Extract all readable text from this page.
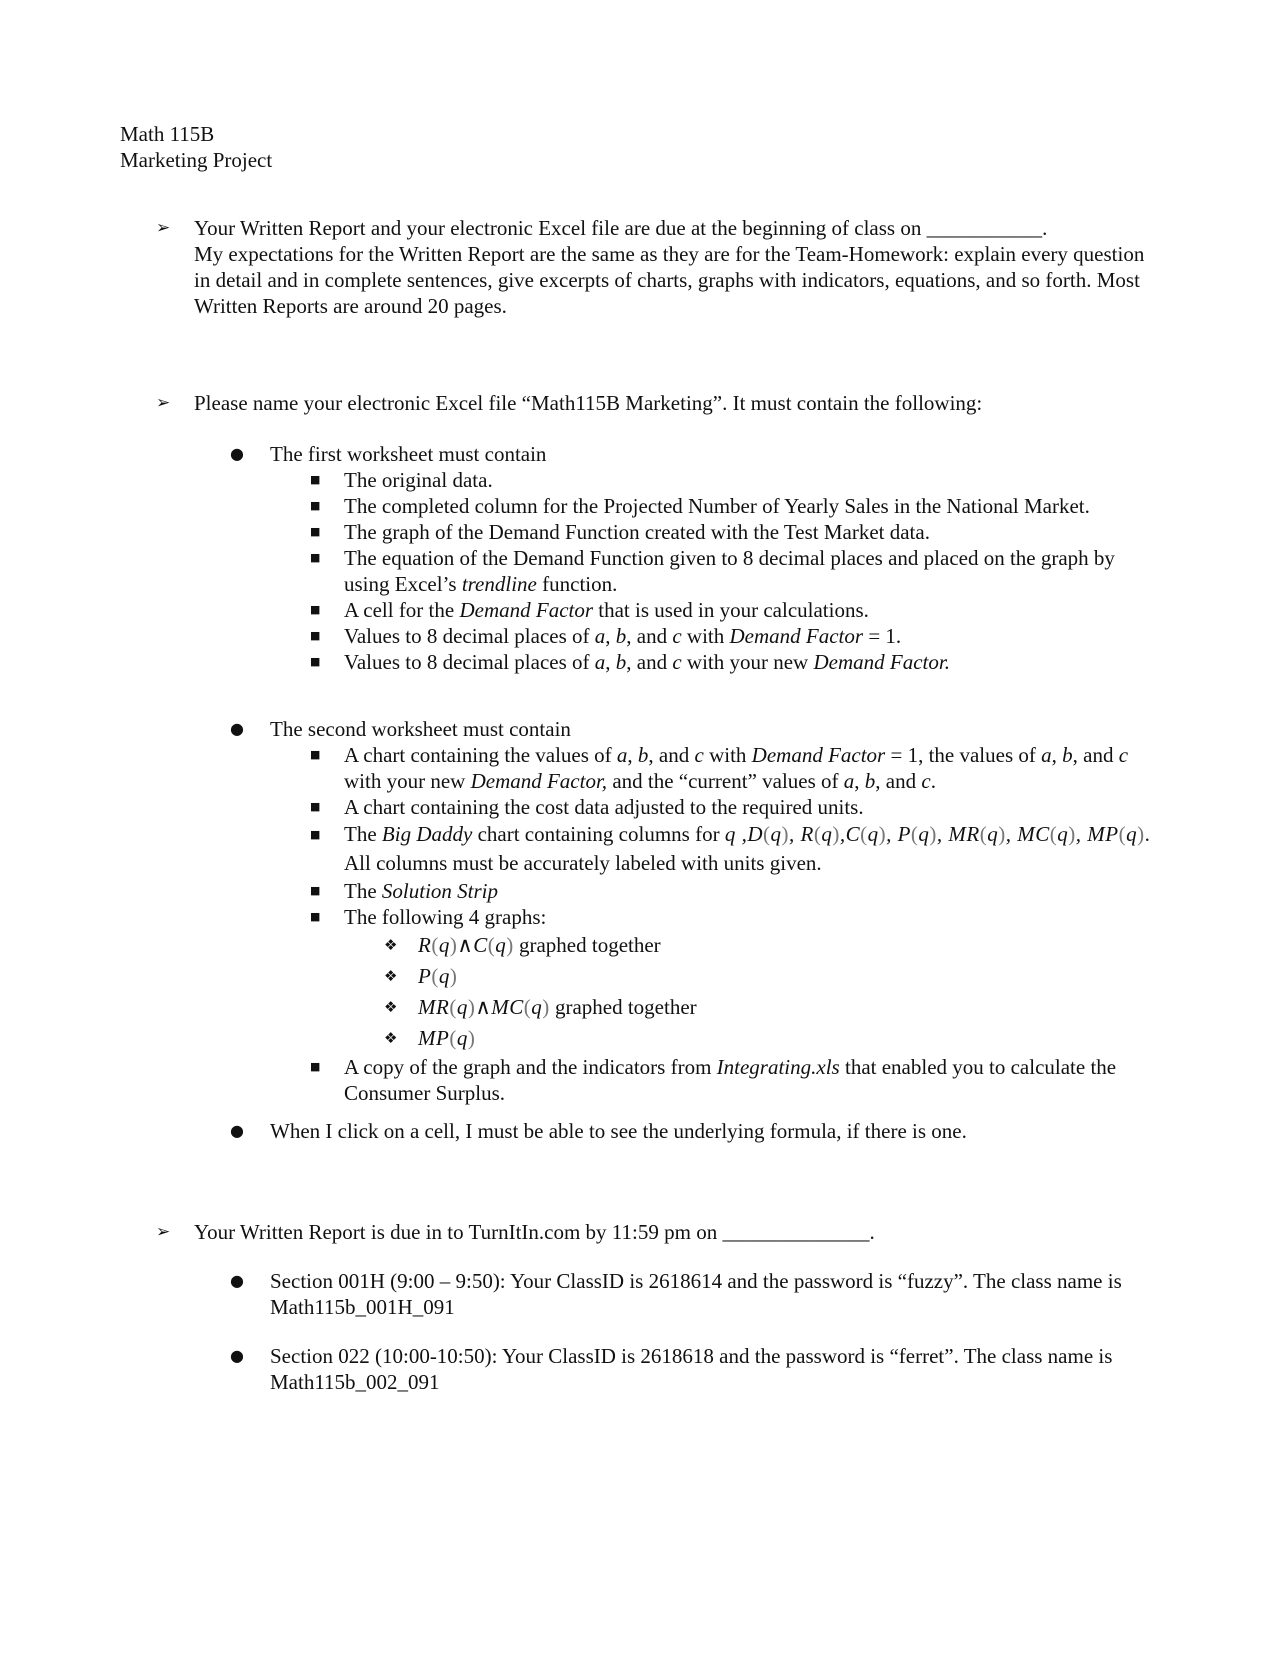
Math 115B
Marketing Project
➢	Your Written Report and your electronic Excel file are due at the beginning of class on ___________.
My expectations for the Written Report are the same as they are for the Team-Homework: explain every question in detail and in complete sentences, give excerpts of charts, graphs with indicators, equations, and so forth. Most Written Reports are around 20 pages.
➢	Please name your electronic Excel file “Math115B Marketing”. It must contain the following:
● The first worksheet must contain
■ The original data.
■ The completed column for the Projected Number of Yearly Sales in the National Market.
■ The graph of the Demand Function created with the Test Market data.
■ The equation of the Demand Function given to 8 decimal places and placed on the graph by using Excel’s trendline function.
■ A cell for the Demand Factor that is used in your calculations.
■ Values to 8 decimal places of a, b, and c with Demand Factor = 1.
■ Values to 8 decimal places of a, b, and c with your new Demand Factor.
● The second worksheet must contain
■ A chart containing the values of a, b, and c with Demand Factor = 1, the values of a, b, and c with your new Demand Factor, and the “current” values of a, b, and c.
■ A chart containing the cost data adjusted to the required units.
■ The Big Daddy chart containing columns for q ,D(q), R(q),C(q), P(q), MR(q), MC(q), MP(q). All columns must be accurately labeled with units given.
■ The Solution Strip
■ The following 4 graphs:
❖ R(q)∧C(q) graphed together
❖ P(q)
❖ MR(q)∧MC(q) graphed together
❖ MP(q)
■ A copy of the graph and the indicators from Integrating.xls that enabled you to calculate the Consumer Surplus.
● When I click on a cell, I must be able to see the underlying formula, if there is one.
➢	Your Written Report is due in to TurnItIn.com by 11:59 pm on ______________.
● Section 001H (9:00 – 9:50): Your ClassID is 2618614 and the password is “fuzzy”. The class name is Math115b_001H_091
● Section 022 (10:00-10:50): Your ClassID is 2618618 and the password is “ferret”. The class name is Math115b_002_091
